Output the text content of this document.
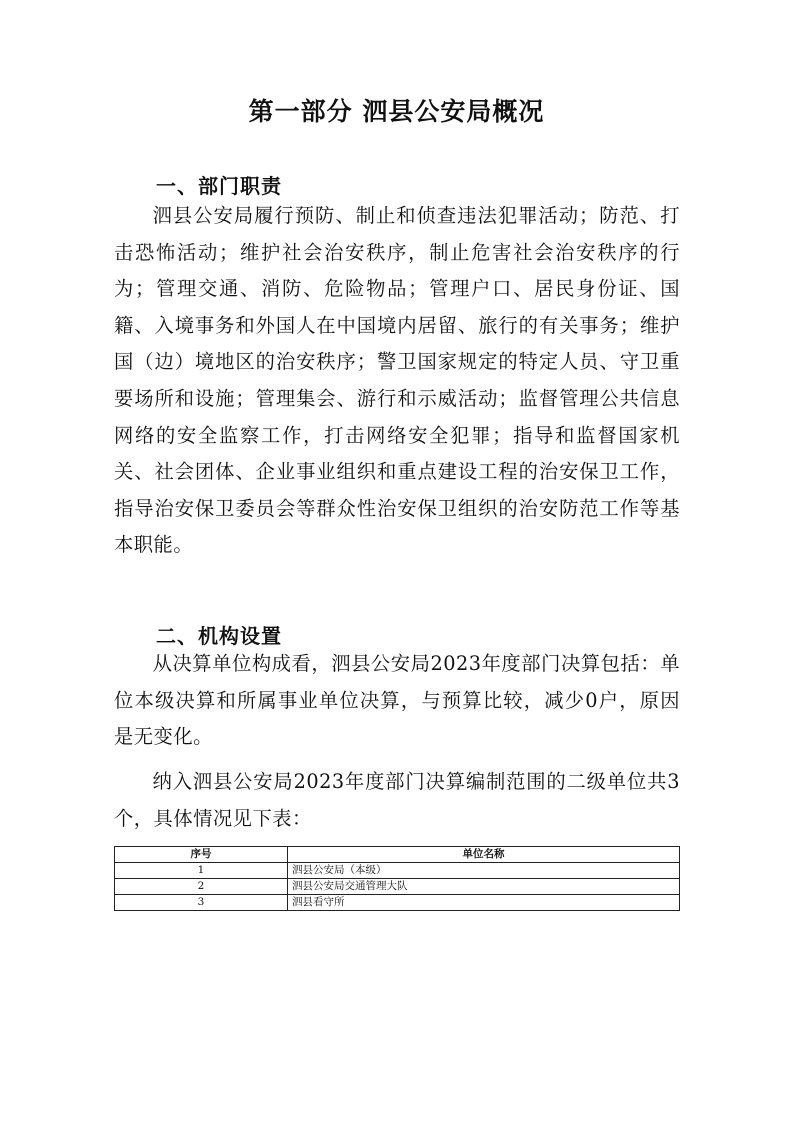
第一部分 泗县公安局概况
一、部门职责

泗县公安局履行预防、制止和侦查违法犯罪活动；防范、打击恐怖活动；维护社会治安秩序，制止危害社会治安秩序的行为；管理交通、消防、危险物品；管理户口、居民身份证、国籍、入境事务和外国人在中国境内居留、旅行的有关事务；维护国（边）境地区的治安秩序；警卫国家规定的特定人员、守卫重要场所和设施；管理集会、游行和示威活动；监督管理公共信息网络的安全监察工作，打击网络安全犯罪；指导和监督国家机关、社会团体、企业事业组织和重点建设工程的治安保卫工作，指导治安保卫委员会等群众性治安保卫组织的治安防范工作等基本职能。

二、机构设置

从决算单位构成看，泗县公安局2023年度部门决算包括：单位本级决算和所属事业单位决算，与预算比较，减少0户，原因是无变化。

纳入泗县公安局2023年度部门决算编制范围的二级单位共3个，具体情况见下表：

序号	单位名称
1	泗县公安局（本级）
2	泗县公安局交通管理大队
3	泗县看守所
